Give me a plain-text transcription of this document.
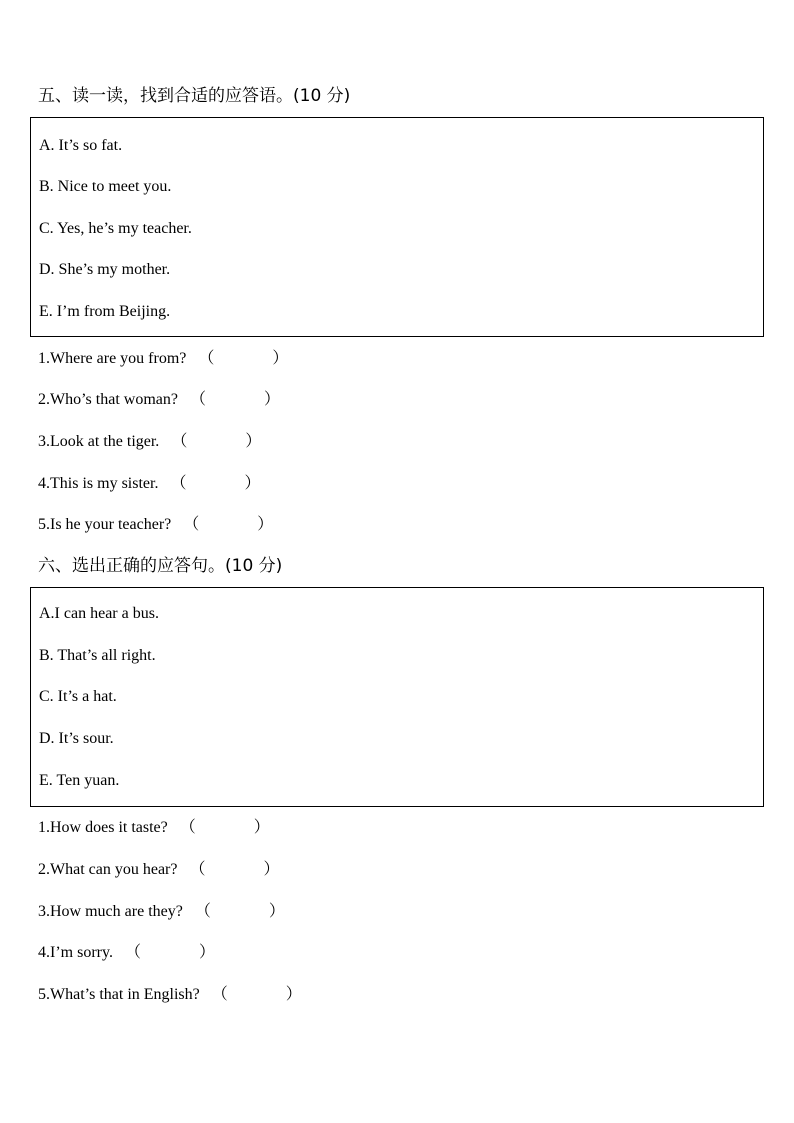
五、读一读，找到合适的应答语。(10 分)
A. It’s so fat.
B. Nice to meet you.
C. Yes, he’s my teacher.
D. She’s my mother.
E. I’m from Beijing.
1.Where are you from? （	）
2.Who’s that woman? （	）
3.Look at the tiger. （	）
4.This is my sister. （	）
5.Is he your teacher? （	）
六、选出正确的应答句。(10 分)
A.I can hear a bus.
B. That’s all right.
C. It’s a hat.
D. It’s sour.
E. Ten yuan.
1.How does it taste? （	）
2.What can you hear? （	）
3.How much are they? （	）
4.I’m sorry. （	）
5.What’s that in English? （	）
